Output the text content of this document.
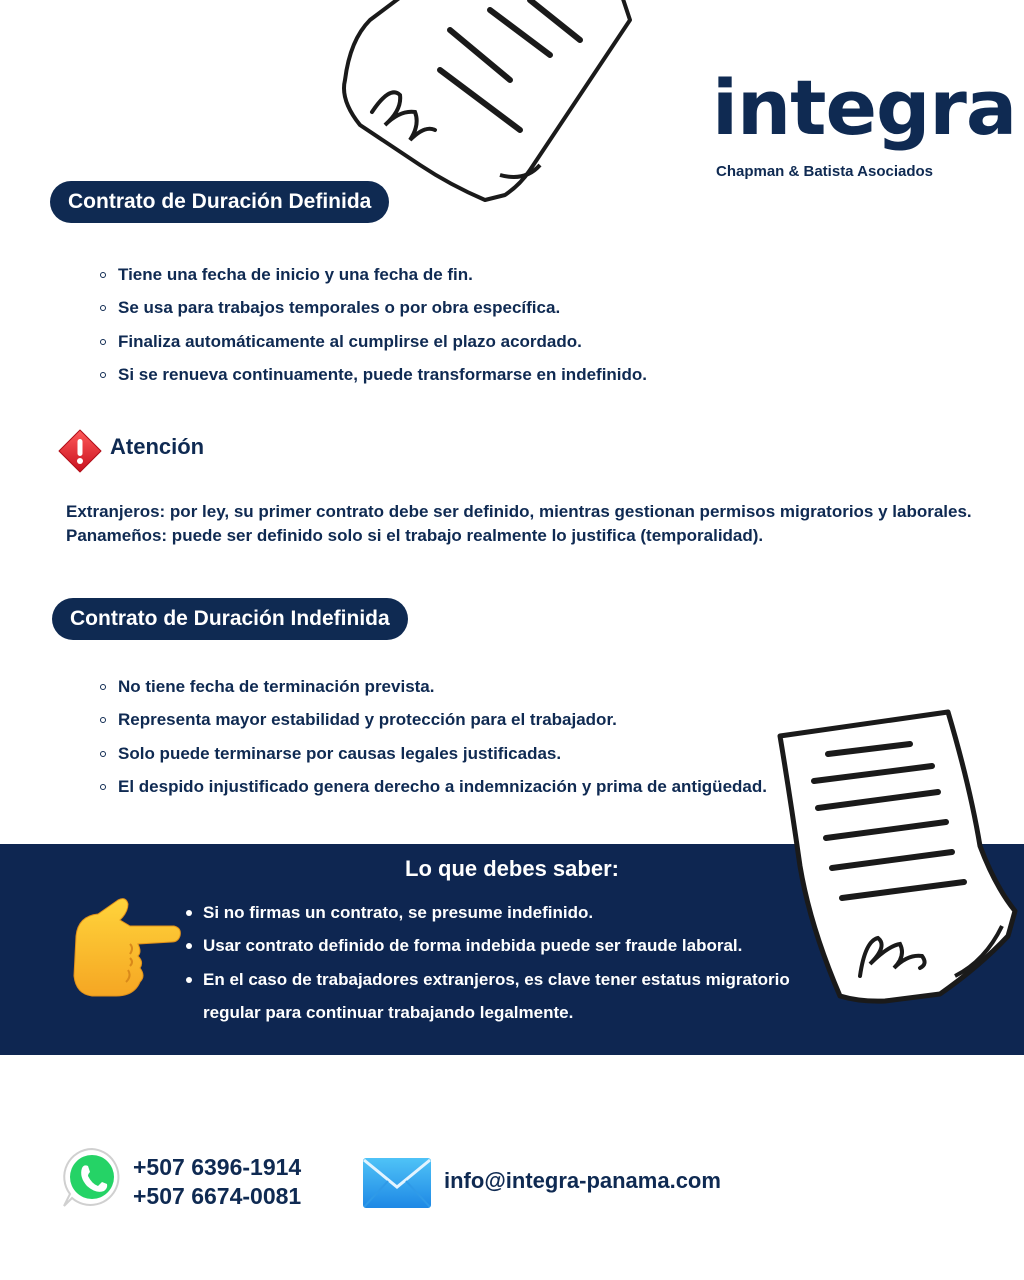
integra
Chapman & Batista Asociados
Contrato de Duración Definida
Tiene una fecha de inicio y una fecha de fin.
Se usa para trabajos temporales o por obra específica.
Finaliza automáticamente al cumplirse el plazo acordado.
Si se renueva continuamente, puede transformarse en indefinido.
Atención
Extranjeros: por ley, su primer contrato debe ser definido, mientras gestionan permisos migratorios y laborales.
Panameños: puede ser definido solo si el trabajo realmente lo justifica (temporalidad).
Contrato de Duración Indefinida
No tiene fecha de terminación prevista.
Representa mayor estabilidad y protección para el trabajador.
Solo puede terminarse por causas legales justificadas.
El despido injustificado genera derecho a indemnización y prima de antigüedad.
Lo que debes saber:
Si no firmas un contrato, se presume indefinido.
Usar contrato definido de forma indebida puede ser fraude laboral.
En el caso de trabajadores extranjeros, es clave tener estatus migratorio regular para continuar trabajando legalmente.
+507 6396-1914
+507 6674-0081
info@integra-panama.com
